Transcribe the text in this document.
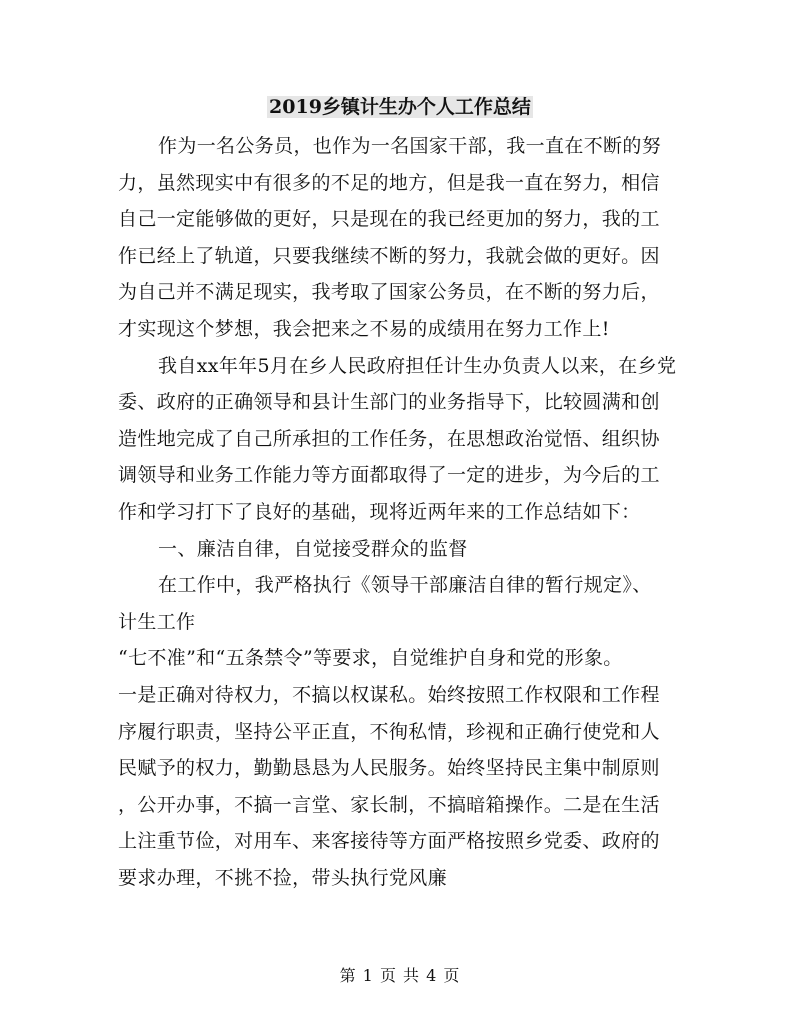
2019乡镇计生办个人工作总结
作为一名公务员，也作为一名国家干部，我一直在不断的努
力，虽然现实中有很多的不足的地方，但是我一直在努力，相信
自己一定能够做的更好，只是现在的我已经更加的努力，我的工
作已经上了轨道，只要我继续不断的努力，我就会做的更好。因
为自己并不满足现实，我考取了国家公务员，在不断的努力后，
才实现这个梦想，我会把来之不易的成绩用在努力工作上!
我自xx年年5月在乡人民政府担任计生办负责人以来，在乡党
委、政府的正确领导和县计生部门的业务指导下，比较圆满和创
造性地完成了自己所承担的工作任务，在思想政治觉悟、组织协
调领导和业务工作能力等方面都取得了一定的进步，为今后的工
作和学习打下了良好的基础，现将近两年来的工作总结如下：
一、廉洁自律，自觉接受群众的监督
在工作中，我严格执行《领导干部廉洁自律的暂行规定》、
计生工作
“七不准”和“五条禁令”等要求，自觉维护自身和党的形象。
一是正确对待权力，不搞以权谋私。始终按照工作权限和工作程
序履行职责，坚持公平正直，不徇私情，珍视和正确行使党和人
民赋予的权力，勤勤恳恳为人民服务。始终坚持民主集中制原则
，公开办事，不搞一言堂、家长制，不搞暗箱操作。二是在生活
上注重节俭，对用车、来客接待等方面严格按照乡党委、政府的
要求办理，不挑不捡，带头执行党风廉
第 1 页 共 4 页
